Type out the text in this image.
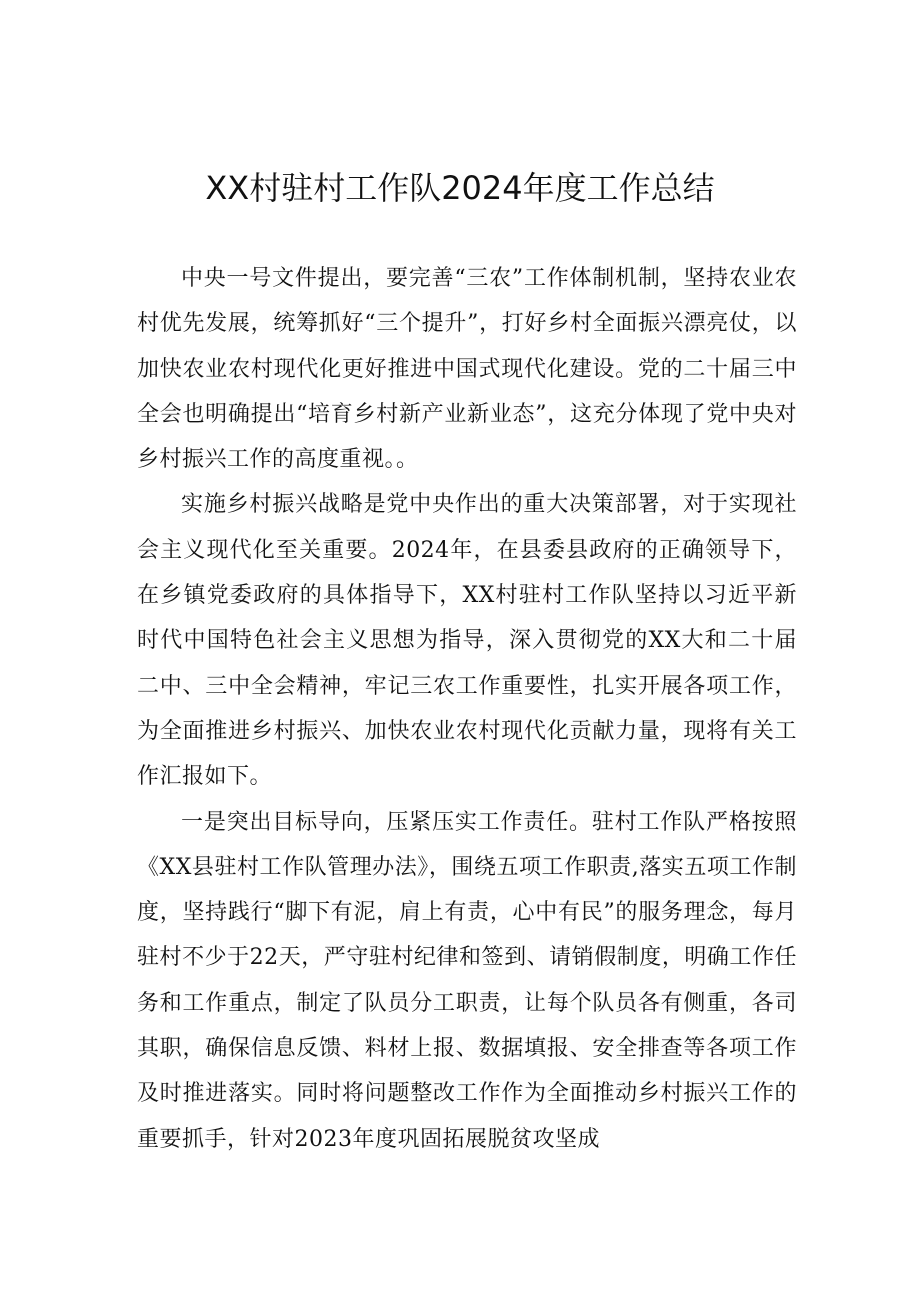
XX村驻村工作队2024年度工作总结

中央一号文件提出，要完善“三农”工作体制机制，坚持农业农村优先发展，统筹抓好“三个提升”，打好乡村全面振兴漂亮仗，以加快农业农村现代化更好推进中国式现代化建设。党的二十届三中全会也明确提出“培育乡村新产业新业态”，这充分体现了党中央对乡村振兴工作的高度重视。。

实施乡村振兴战略是党中央作出的重大决策部署，对于实现社会主义现代化至关重要。2024年，在县委县政府的正确领导下，在乡镇党委政府的具体指导下，XX村驻村工作队坚持以习近平新时代中国特色社会主义思想为指导，深入贯彻党的XX大和二十届二中、三中全会精神，牢记三农工作重要性，扎实开展各项工作，为全面推进乡村振兴、加快农业农村现代化贡献力量，现将有关工作汇报如下。

一是突出目标导向，压紧压实工作责任。驻村工作队严格按照《XX县驻村工作队管理办法》，围绕五项工作职责,落实五项工作制度，坚持践行“脚下有泥，肩上有责，心中有民”的服务理念，每月驻村不少于22天，严守驻村纪律和签到、请销假制度，明确工作任务和工作重点，制定了队员分工职责，让每个队员各有侧重，各司其职，确保信息反馈、料材上报、数据填报、安全排查等各项工作及时推进落实。同时将问题整改工作作为全面推动乡村振兴工作的重要抓手，针对2023年度巩固拓展脱贫攻坚成
